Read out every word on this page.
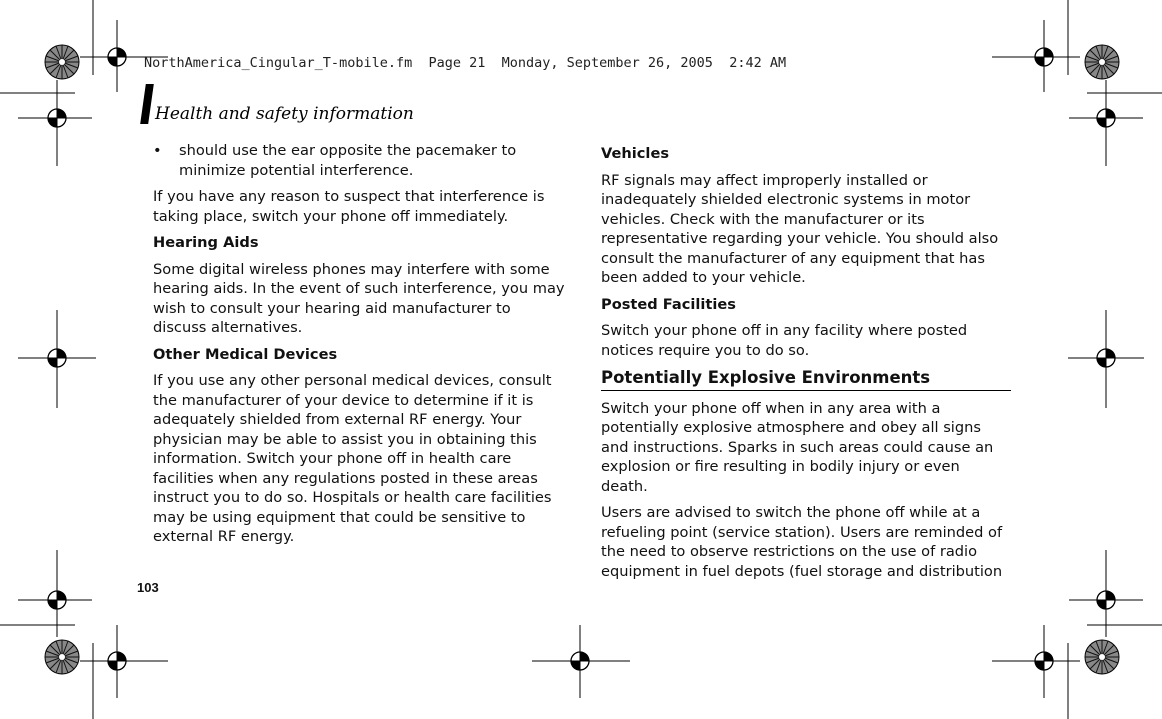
NorthAmerica_Cingular_T-mobile.fm  Page 21  Monday, September 26, 2005  2:42 AM
Health and safety information
•	should use the ear opposite the pacemaker to minimize potential interference.

If you have any reason to suspect that interference is taking place, switch your phone off immediately.

Hearing Aids

Some digital wireless phones may interfere with some hearing aids. In the event of such interference, you may wish to consult your hearing aid manufacturer to discuss alternatives.

Other Medical Devices

If you use any other personal medical devices, consult the manufacturer of your device to determine if it is adequately shielded from external RF energy. Your physician may be able to assist you in obtaining this information. Switch your phone off in health care facilities when any regulations posted in these areas instruct you to do so. Hospitals or health care facilities may be using equipment that could be sensitive to external RF energy.

Vehicles

RF signals may affect improperly installed or inadequately shielded electronic systems in motor vehicles. Check with the manufacturer or its representative regarding your vehicle. You should also consult the manufacturer of any equipment that has been added to your vehicle.

Posted Facilities

Switch your phone off in any facility where posted notices require you to do so.

Potentially Explosive Environments

Switch your phone off when in any area with a potentially explosive atmosphere and obey all signs and instructions. Sparks in such areas could cause an explosion or fire resulting in bodily injury or even death.

Users are advised to switch the phone off while at a refueling point (service station). Users are reminded of the need to observe restrictions on the use of radio equipment in fuel depots (fuel storage and distribution

103
